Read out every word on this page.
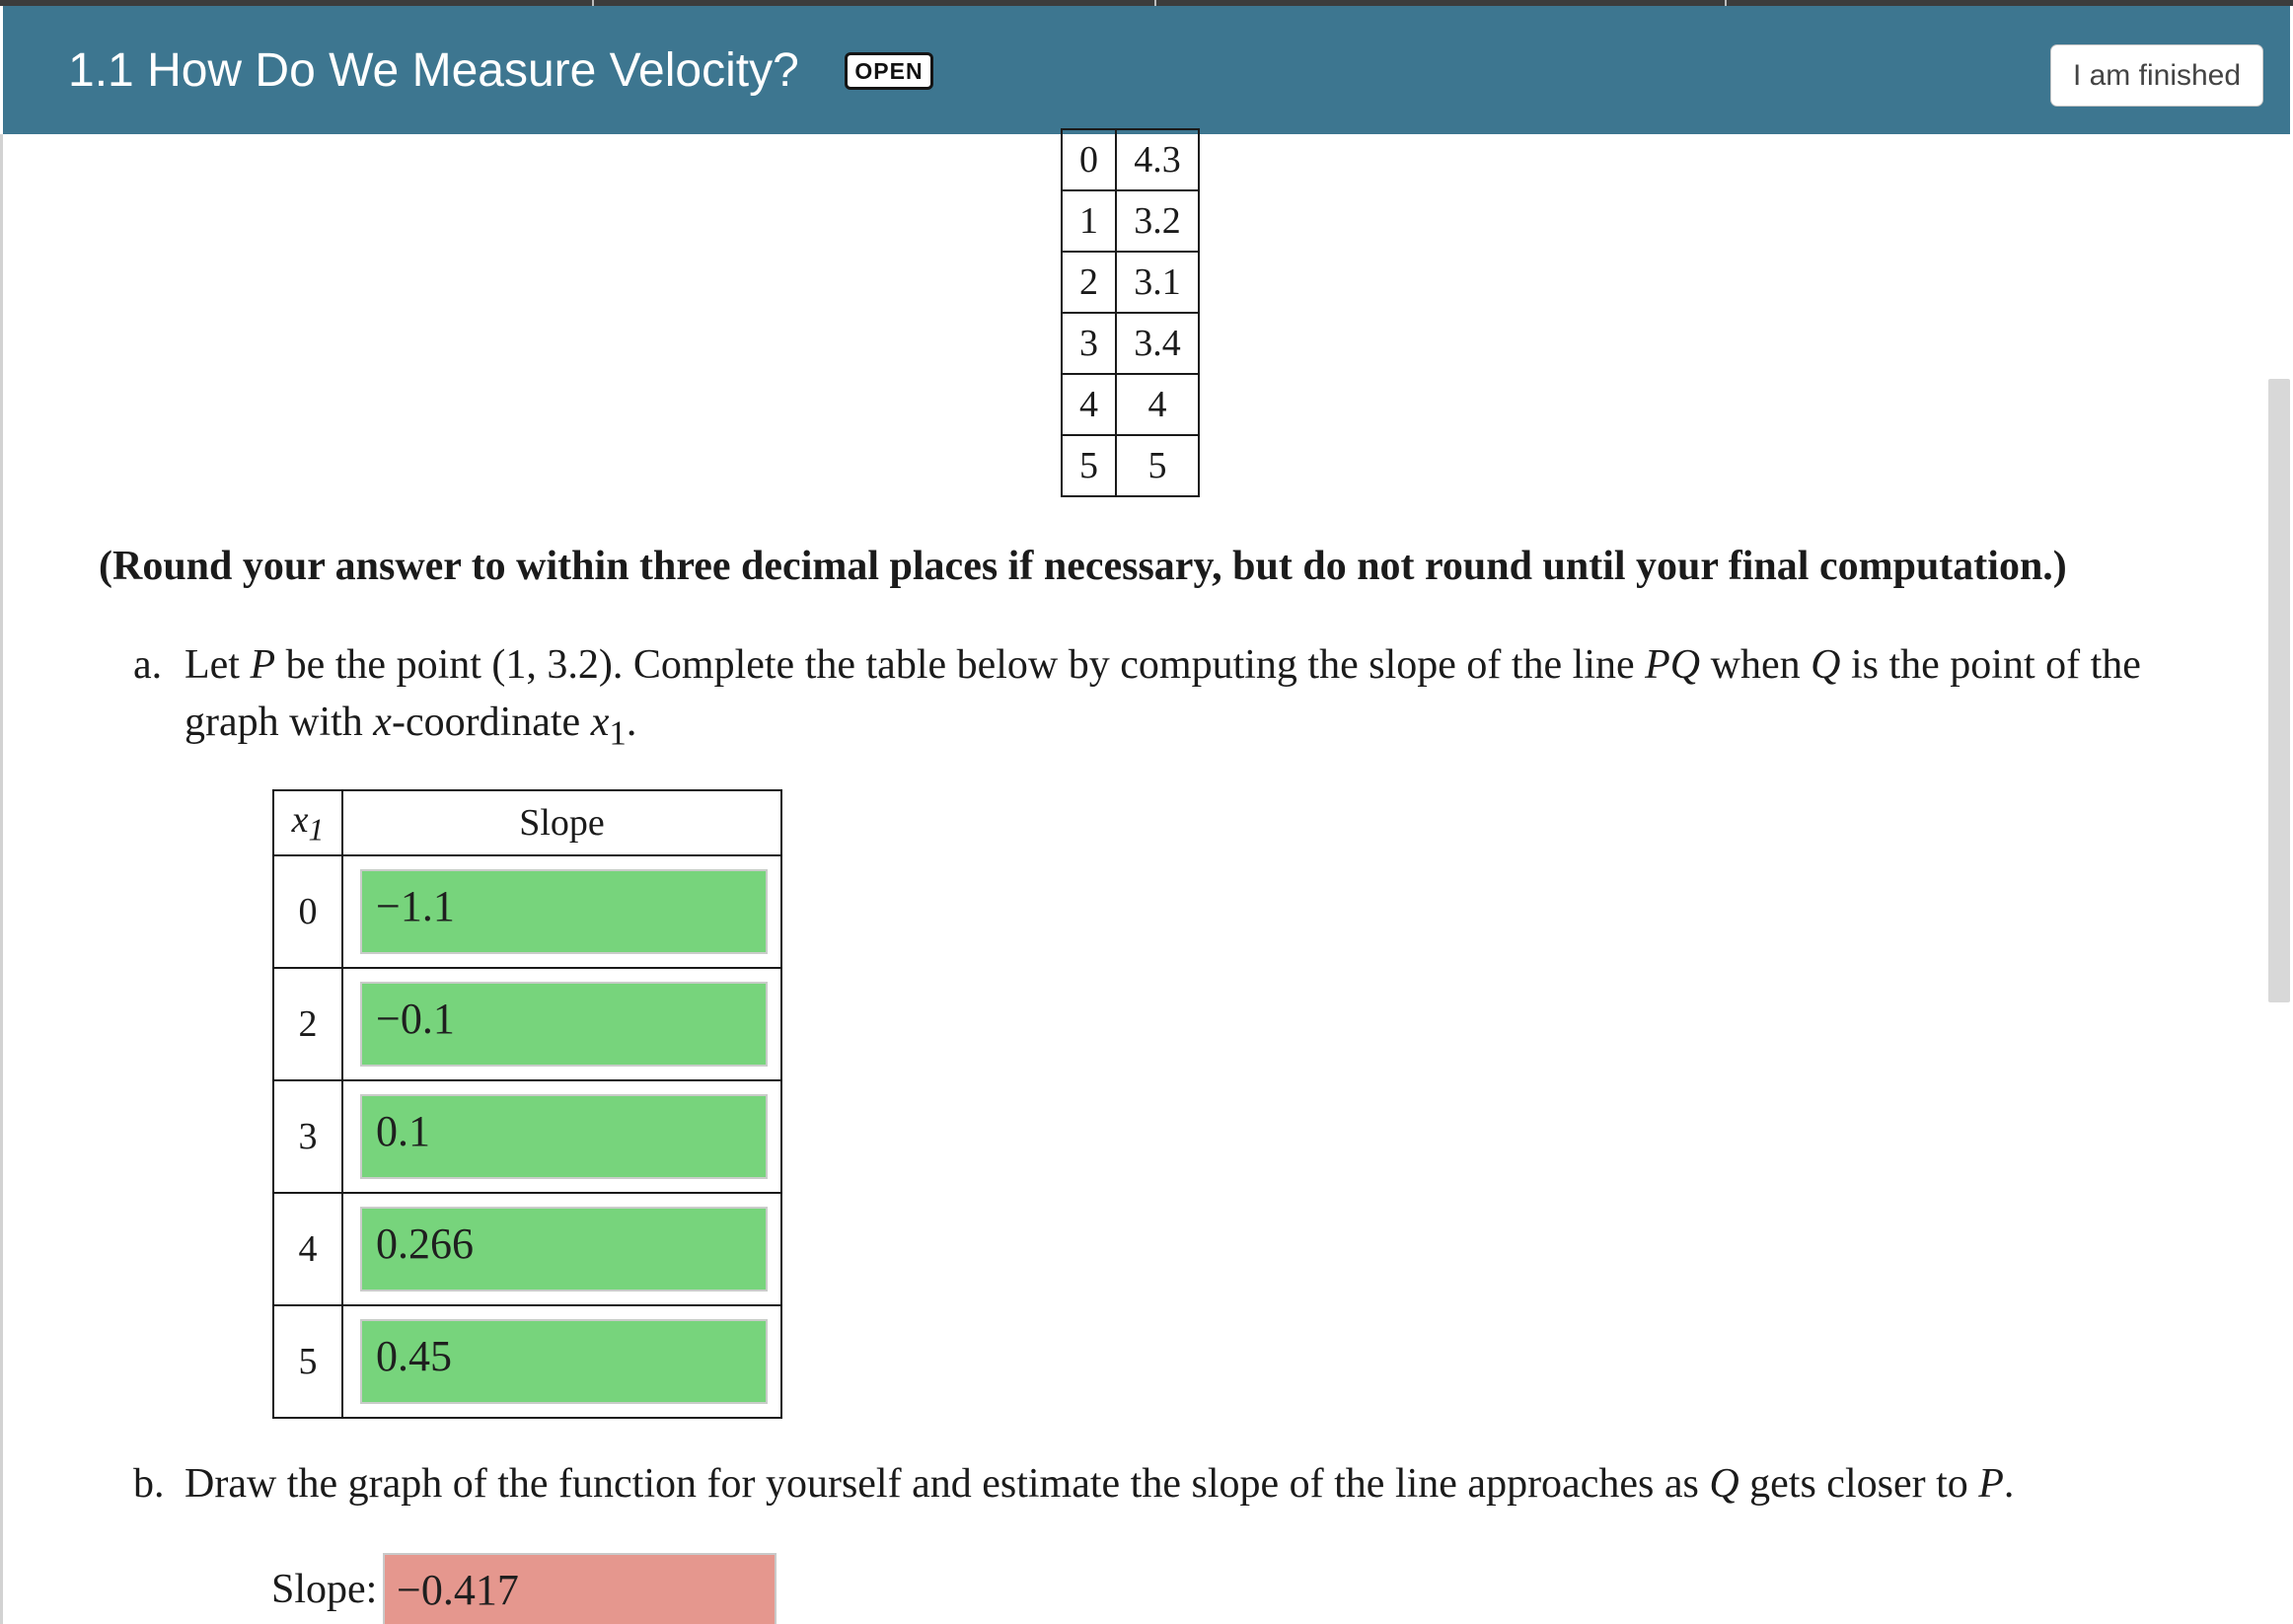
1.1 How Do We Measure Velocity?	OPEN	I am finished
0	4.3
1	3.2
2	3.1
3	3.4
4	4
5	5
(Round your answer to within three decimal places if necessary, but do not round until your final computation.)
a. Let P be the point (1, 3.2). Complete the table below by computing the slope of the line PQ when Q is the point of the graph with x-coordinate $x_1$.
$x_1$	Slope
0	−1.1

2	−0.1

3	0.1

4	0.266

5	0.45
b. Draw the graph of the function for yourself and estimate the slope of the line approaches as Q gets closer to P.
Slope: −0.417
